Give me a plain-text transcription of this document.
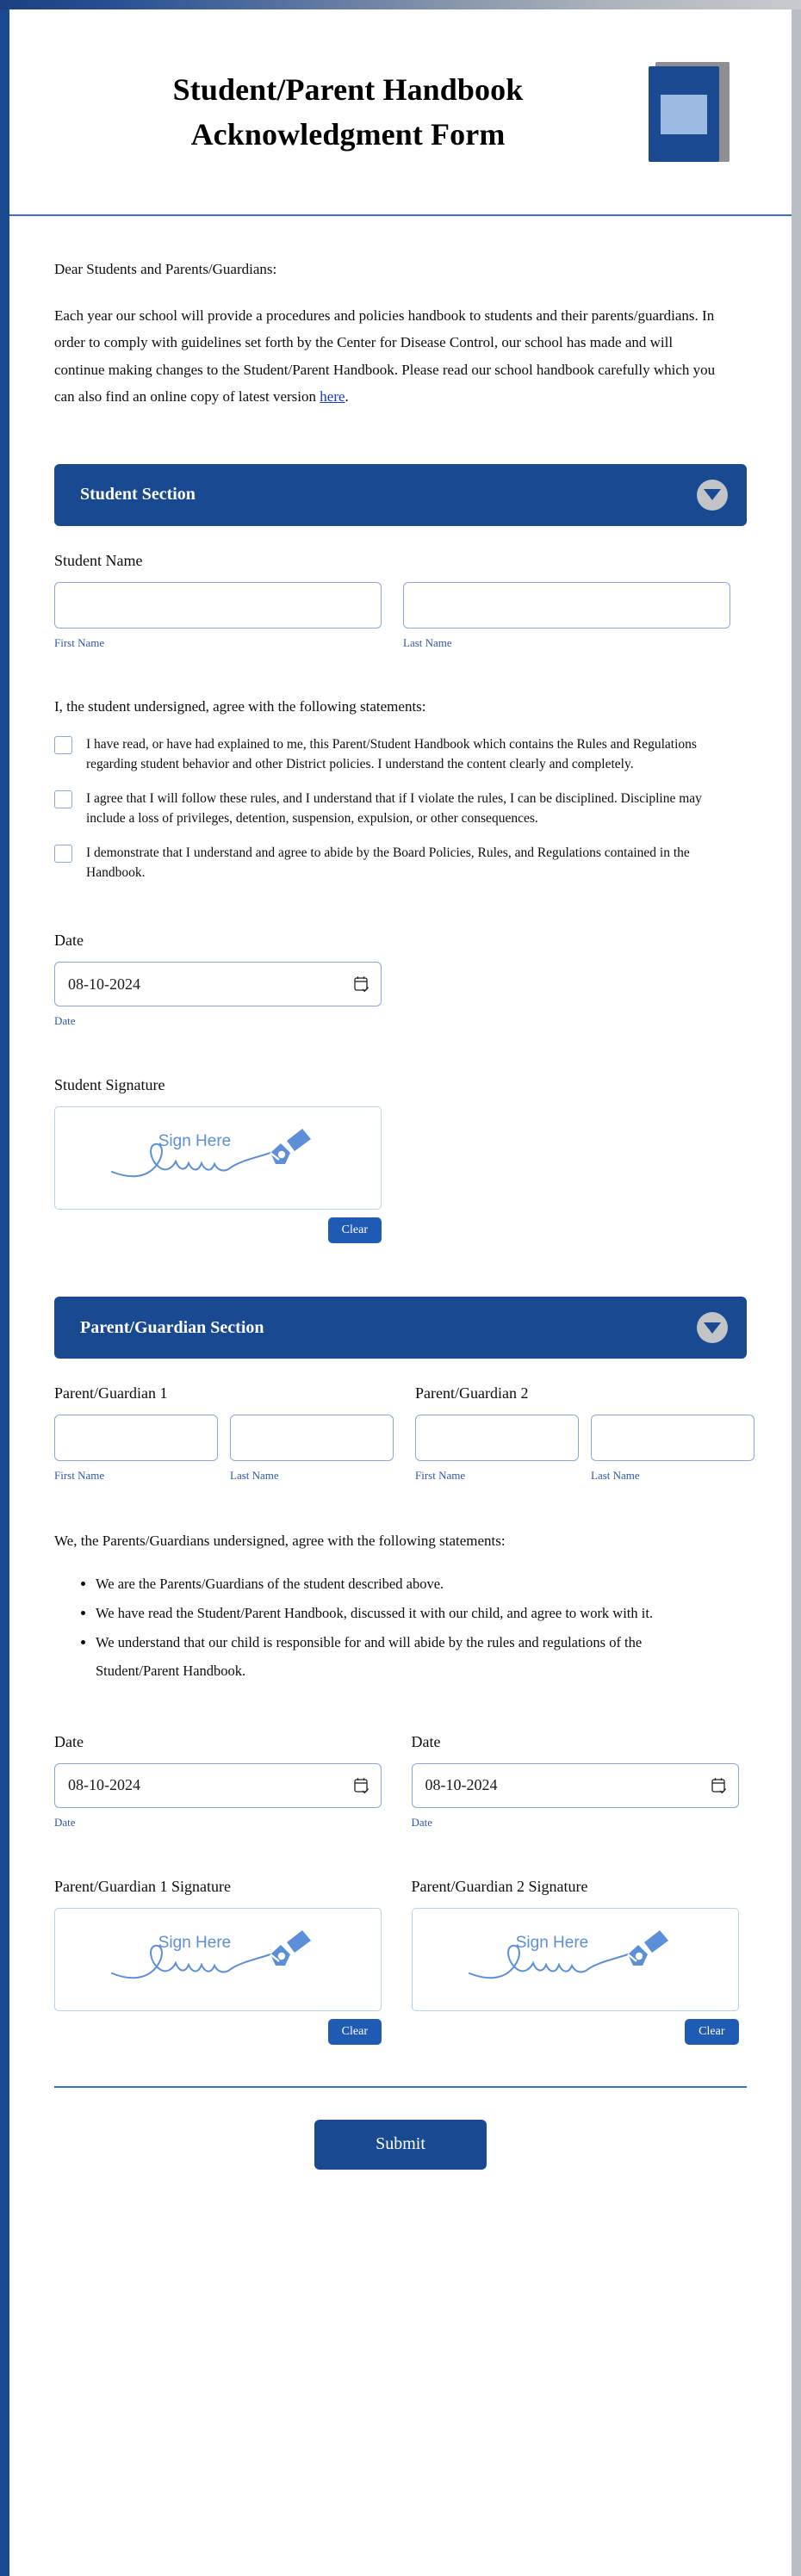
Student/Parent Handbook
Acknowledgment Form

Dear Students and Parents/Guardians:

Each year our school will provide a procedures and policies handbook to students and their parents/guardians. In order to comply with guidelines set forth by the Center for Disease Control, our school has made and will continue making changes to the Student/Parent Handbook. Please read our school handbook carefully which you can also find an online copy of latest version here.

Student Section
Student Name
First Name	Last Name

I, the student undersigned, agree with the following statements:

I have read, or have had explained to me, this Parent/Student Handbook which contains the Rules and Regulations regarding student behavior and other District policies. I understand the content clearly and completely.
I agree that I will follow these rules, and I understand that if I violate the rules, I can be disciplined. Discipline may include a loss of privileges, detention, suspension, expulsion, or other consequences.
I demonstrate that I understand and agree to abide by the Board Policies, Rules, and Regulations contained in the Handbook.
Date
08-10-2024
Date
Student Signature
Sign Here
Clear
Parent/Guardian Section
Parent/Guardian 1
First Name	Last Name
Parent/Guardian 2
First Name	Last Name

We, the Parents/Guardians undersigned, agree with the following statements:

• We are the Parents/Guardians of the student described above.
• We have read the Student/Parent Handbook, discussed it with our child, and agree to work with it.
• We understand that our child is responsible for and will abide by the rules and regulations of the Student/Parent Handbook.
Date
08-10-2024
Date
Date
08-10-2024
Date
Parent/Guardian 1 Signature
Sign Here
Clear
Parent/Guardian 2 Signature
Sign Here
Clear
Submit
